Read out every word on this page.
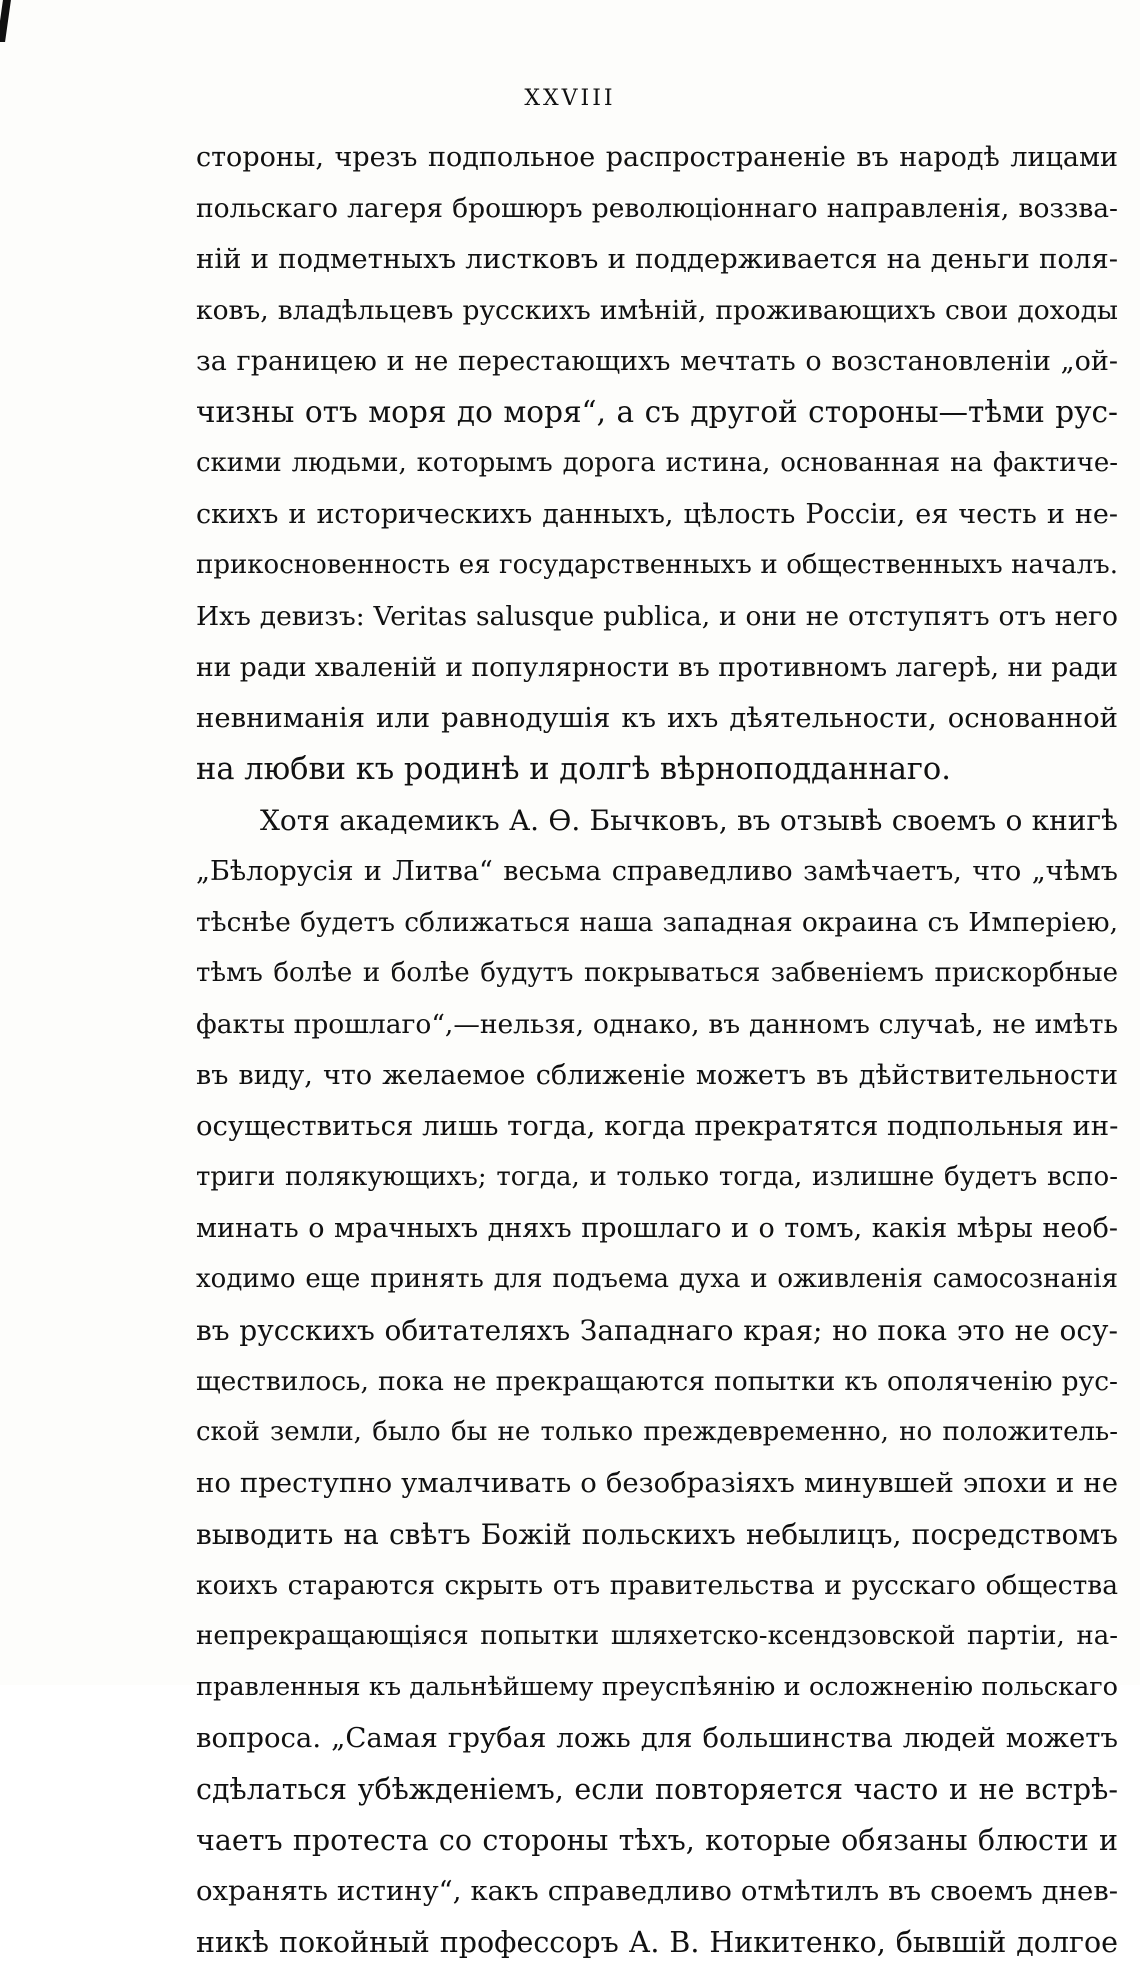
XXVIII
стороны, чрезъ подпольное распространеніе въ народѣ лицами
польскаго лагеря брошюръ революціоннаго направленія, воззва-
ній и подметныхъ листковъ и поддерживается на деньги поля-
ковъ, владѣльцевъ русскихъ имѣній, проживающихъ свои доходы
за границею и не перестающихъ мечтать о возстановленіи „ой-
чизны отъ моря до моря“, а съ другой стороны—тѣми рус-
скими людьми, которымъ дорога истина, основанная на фактиче-
скихъ и историческихъ данныхъ, цѣлость Россіи, ея честь и не-
прикосновенность ея государственныхъ и общественныхъ началъ.
Ихъ девизъ: Veritas salusque publica, и они не отступятъ отъ него
ни ради хваленій и популярности въ противномъ лагерѣ, ни ради
невниманія или равнодушія къ ихъ дѣятельности, основанной
на любви къ родинѣ и долгѣ вѣрноподданнаго.
Хотя академикъ А. Ѳ. Бычковъ, въ отзывѣ своемъ о книгѣ
„Бѣлорусія и Литва“ весьма справедливо замѣчаетъ, что „чѣмъ
тѣснѣе будетъ сближаться наша западная окраина съ Имперіею,
тѣмъ болѣе и болѣе будутъ покрываться забвеніемъ прискорбные
факты прошлаго“,—нельзя, однако, въ данномъ случаѣ, не имѣть
въ виду, что желаемое сближеніе можетъ въ дѣйствительности
осуществиться лишь тогда, когда прекратятся подпольныя ин-
триги полякующихъ; тогда, и только тогда, излишне будетъ вспо-
минать о мрачныхъ дняхъ прошлаго и о томъ, какія мѣры необ-
ходимо еще принять для подъема духа и оживленія самосознанія
въ русскихъ обитателяхъ Западнаго края; но пока это не осу-
ществилось, пока не прекращаются попытки къ ополяченію рус-
ской земли, было бы не только преждевременно, но положитель-
но преступно умалчивать о безобразіяхъ минувшей эпохи и не
выводить на свѣтъ Божій польскихъ небылицъ, посредствомъ
коихъ стараются скрыть отъ правительства и русскаго общества
непрекращающіяся попытки шляхетско-ксендзовской партіи, на-
правленныя къ дальнѣйшему преуспѣянію и осложненію польскаго
вопроса. „Самая грубая ложь для большинства людей можетъ
сдѣлаться убѣжденіемъ, если повторяется часто и не встрѣ-
чаетъ протеста со стороны тѣхъ, которые обязаны блюсти и
охранять истину“, какъ справедливо отмѣтилъ въ своемъ днев-
никѣ покойный профессоръ А. В. Никитенко, бывшій долгое
